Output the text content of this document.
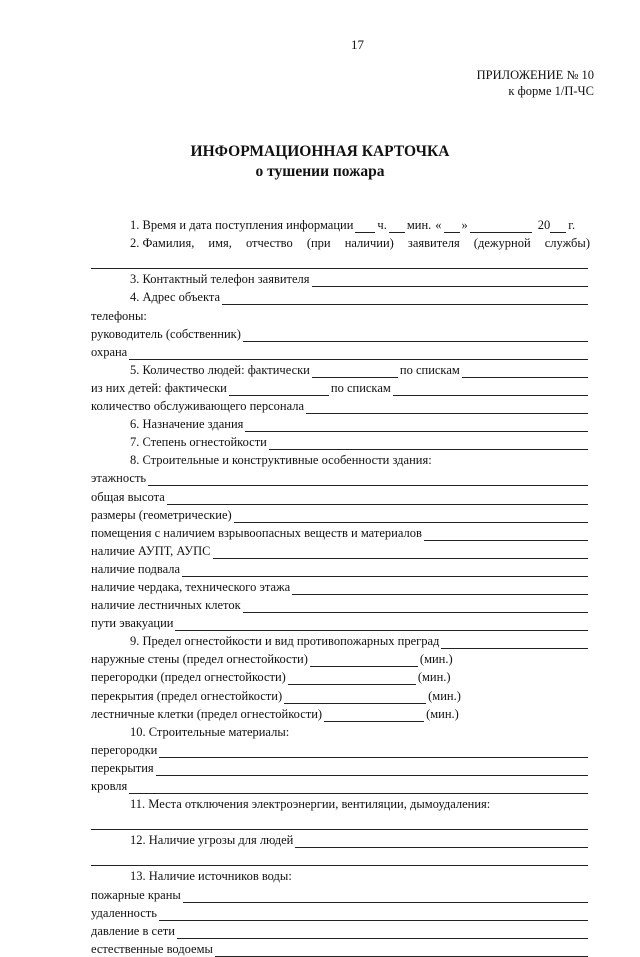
17
ПРИЛОЖЕНИЕ № 10
к форме 1/П-ЧС
ИНФОРМАЦИОННАЯ КАРТОЧКА
о тушении пожара
1. Время и дата поступления информации ч. мин. « »	20 г.
2. Фамилия, имя, отчество (при наличии) заявителя (дежурной службы)
3. Контактный телефон заявителя
4. Адрес объекта
телефоны:
руководитель (собственник)
охрана
5. Количество людей: фактически	по спискам
из них детей: фактически	по спискам
количество обслуживающего персонала
6. Назначение здания
7. Степень огнестойкости
8. Строительные и конструктивные особенности здания:
этажность
общая высота
размеры (геометрические)
помещения с наличием взрывоопасных веществ и материалов
наличие АУПТ, АУПС
наличие подвала
наличие чердака, технического этажа
наличие лестничных клеток
пути эвакуации
9. Предел огнестойкости и вид противопожарных преград
наружные стены (предел огнестойкости)	(мин.)
перегородки (предел огнестойкости)	(мин.)
перекрытия (предел огнестойкости)	(мин.)
лестничные клетки (предел огнестойкости)	(мин.)
10. Строительные материалы:
перегородки
перекрытия
кровля
11. Места отключения электроэнергии, вентиляции, дымоудаления:
12. Наличие угрозы для людей
13. Наличие источников воды:
пожарные краны
удаленность
давление в сети
естественные водоемы
